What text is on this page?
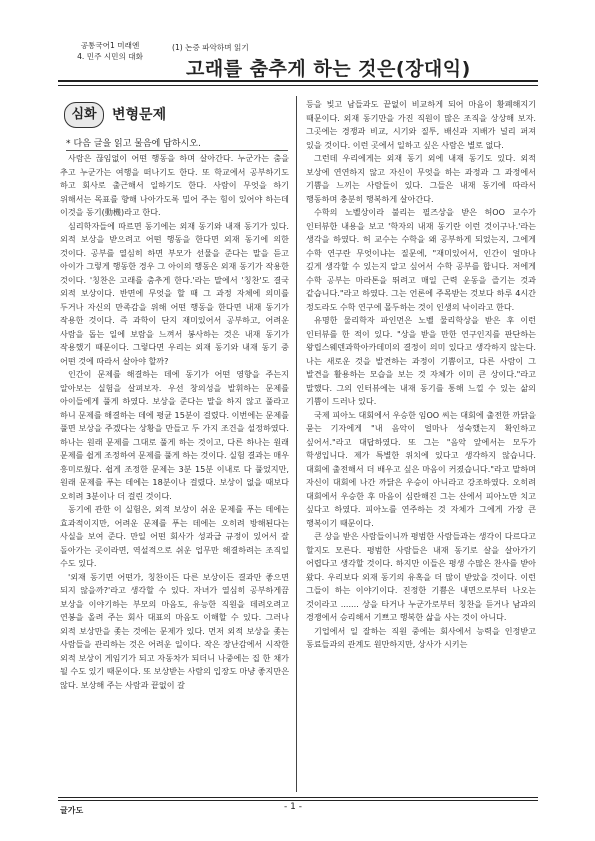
공통국어1 미래엔
4. 민주 시민의 대화
(1) 논증 파악하며 읽기
고래를 춤추게 하는 것은(장대익)
심화	변형문제
* 다음 글을 읽고 물음에 답하시오.

사람은 끊임없이 어떤 행동을 하며 살아간다. 누군가는 춤을 추고 누군가는 여행을 떠나기도 한다. 또 학교에서 공부하기도 하고 회사로 출근해서 일하기도 한다. 사람이 무엇을 하기 위해서는 목표를 향해 나아가도록 밀어 주는 힘이 있어야 하는데 이것을 동기(動機)라고 한다.

심리학자들에 따르면 동기에는 외재 동기와 내재 동기가 있다. 외적 보상을 받으려고 어떤 행동을 한다면 외재 동기에 의한 것이다. 공부를 열심히 하면 부모가 선물을 준다는 말을 듣고 아이가 그렇게 행동한 경우 그 아이의 행동은 외재 동기가 작용한 것이다. '칭찬은 고래를 춤추게 한다.'라는 말에서 '칭찬'도 결국 외적 보상이다. 반면에 무엇을 할 때 그 과정 자체에 의미를 두거나 자신의 만족감을 위해 어떤 행동을 한다면 내재 동기가 작용한 것이다. 즉 과학이 단지 재미있어서 공부하고, 어려운 사람을 돕는 일에 보람을 느껴서 봉사하는 것은 내재 동기가 작용했기 때문이다. 그렇다면 우리는 외재 동기와 내재 동기 중 어떤 것에 따라서 살아야 할까?

인간이 문제를 해결하는 데에 동기가 어떤 영향을 주는지 알아보는 실험을 살펴보자. 우선 창의성을 발휘하는 문제를 아이들에게 풀게 하였다. 보상을 준다는 말을 하지 않고 풀라고 하니 문제를 해결하는 데에 평균 15분이 걸렸다. 이번에는 문제를 풀면 보상을 주겠다는 상황을 만들고 두 가지 조건을 설정하였다. 하나는 원래 문제를 그대로 풀게 하는 것이고, 다른 하나는 원래 문제를 쉽게 조정하여 문제를 풀게 하는 것이다. 실험 결과는 매우 흥미로웠다. 쉽게 조정한 문제는 3분 15분 이내로 다 풀었지만, 원래 문제를 푸는 데에는 18분이나 걸렸다. 보상이 없을 때보다 오히려 3분이나 더 걸린 것이다.

동기에 관한 이 실험은, 외적 보상이 쉬운 문제를 푸는 데에는 효과적이지만, 어려운 문제를 푸는 데에는 오히려 방해된다는 사실을 보여 준다. 만일 어떤 회사가 성과급 규정이 있어서 잘 돌아가는 곳이라면, 역설적으로 쉬운 업무만 해결하려는 조직일 수도 있다.

'외재 동기면 어떤가, 칭찬이든 다른 보상이든 결과만 좋으면 되지 않을까?'라고 생각할 수 있다. 자녀가 열심히 공부하게끔 보상을 이야기하는 부모의 마음도, 유능한 직원을 데려오려고 연봉을 올려 주는 회사 대표의 마음도 이해할 수 있다. 그러나 외적 보상만을 좇는 것에는 문제가 있다. 먼저 외적 보상을 좇는 사람들을 관리하는 것은 어려운 일이다. 작은 장난감에서 시작한 외적 보상이 게임기가 되고 자동차가 되더니 나중에는 집 한 채가 될 수도 있기 때문이다. 또 보상받는 사람의 입장도 마냥 좋지만은 않다. 보상해 주는 사람과 끝없이 갈

등을 빚고 남들과도 끝없이 비교하게 되어 마음이 황폐해지기 때문이다. 외재 동기만을 가진 직원이 많은 조직을 상상해 보자. 그곳에는 경쟁과 비교, 시기와 질투, 배신과 지배가 널리 퍼져 있을 것이다. 이런 곳에서 일하고 싶은 사람은 별로 없다.

그런데 우리에게는 외재 동기 외에 내재 동기도 있다. 외적 보상에 연연하지 않고 자신이 무엇을 하는 과정과 그 과정에서 기쁨을 느끼는 사람들이 있다. 그들은 내재 동기에 따라서 행동하며 충분히 행복하게 살아간다.

수학의 노벨상이라 불리는 필즈상을 받은 허OO 교수가 인터뷰한 내용을 보고 '학자의 내재 동기란 이런 것이구나.'라는 생각을 하였다. 허 교수는 수학을 왜 공부하게 되었는지, 그에게 수학 연구란 무엇이냐는 질문에, "재미있어서, 인간이 얼마나 깊게 생각할 수 있는지 알고 싶어서 수학 공부를 합니다. 저에게 수학 공부는 마라톤을 뛰려고 매일 근력 운동을 즐기는 것과 같습니다."라고 하였다. 그는 언론에 주목받는 것보다 하루 4시간 정도라도 수학 연구에 몰두하는 것이 인생의 낙이라고 한다.

유명한 물리학자 파인먼은 노벨 물리학상을 받은 후 이런 인터뷰를 한 적이 있다. "상을 받을 만한 연구인지를 판단하는 왕립스웨덴과학아카데미의 결정이 의미 있다고 생각하지 않는다. 나는 새로운 것을 발견하는 과정이 기쁨이고, 다른 사람이 그 발견을 활용하는 모습을 보는 것 자체가 이미 큰 상이다."라고 말했다. 그의 인터뷰에는 내재 동기를 통해 느낄 수 있는 삶의 기쁨이 드러나 있다.

국제 피아노 대회에서 우승한 임OO 씨는 대회에 출전한 까닭을 묻는 기자에게 "내 음악이 얼마나 성숙했는지 확인하고 싶어서."라고 대답하였다. 또 그는 "음악 앞에서는 모두가 학생입니다. 제가 특별한 위치에 있다고 생각하지 않습니다. 대회에 출전해서 더 배우고 싶은 마음이 커졌습니다."라고 말하며 자신이 대회에 나간 까닭은 우승이 아니라고 강조하였다. 오히려 대회에서 우승한 후 마음이 심란해진 그는 산에서 피아노만 치고 싶다고 하였다. 피아노를 연주하는 것 자체가 그에게 가장 큰 행복이기 때문이다.

큰 상을 받은 사람들이니까 평범한 사람들과는 생각이 다르다고 할지도 모른다. 평범한 사람들은 내재 동기로 살을 살아가기 어렵다고 생각할 것이다. 하지만 이들은 평생 수많은 찬사를 받아 왔다. 우리보다 외재 동기의 유혹을 더 많이 받았을 것이다. 이런 그들이 하는 이야기이다. 진정한 기쁨은 내면으로부터 나오는 것이라고 ....... 상을 타거나 누군가로부터 칭찬을 듣거나 남과의 경쟁에서 승리해서 기쁘고 행복한 삶을 사는 것이 아니다.

기업에서 일 잘하는 직원 중에는 회사에서 능력을 인정받고 동료들과의 관계도 원만하지만, 상사가 시키는

글가도	- 1 -
